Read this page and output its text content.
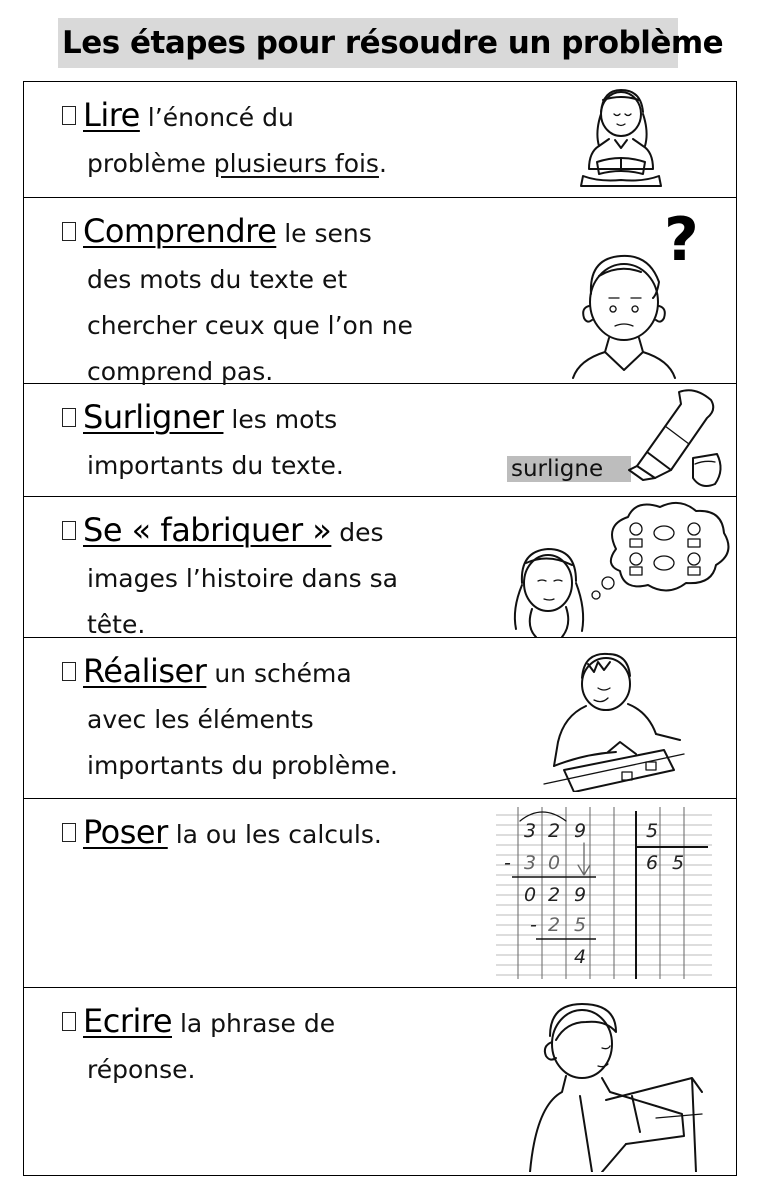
Les étapes pour résoudre un problème
Lire l’énoncé du
problème plusieurs fois.
Comprendre le sens
des mots du texte et
chercher ceux que l’on ne
comprend pas.
?
Surligner les mots
importants du texte.	surligne
Se « fabriquer » des
images l’histoire dans sa
tête.
Réaliser un schéma
avec les éléments
importants du problème.
Poser la ou les calculs.	3 2 9	5
- 3 0	6 5
0 2 9
- 2 5
4
Ecrire la phrase de
réponse.
